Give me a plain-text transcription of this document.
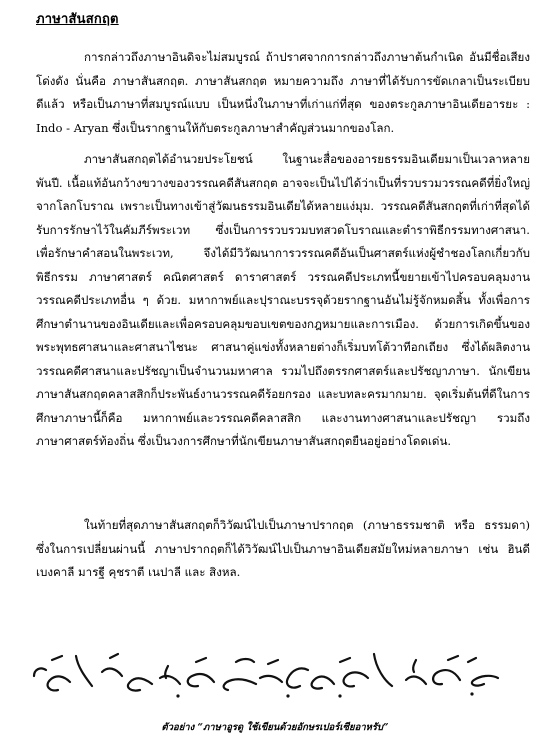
ภาษาสันสกฤต

การกล่าวถึงภาษาอินดิจะไม่สมบูรณ์ ถ้าปราศจากการกล่าวถึงภาษาต้นกำเนิด อันมีชื่อเสียงโด่งดัง นั่นคือ ภาษาสันสกฤต. ภาษาสันสกฤต หมายความถึง ภาษาที่ได้รับการขัดเกลาเป็นระเบียบดีแล้ว หรือเป็นภาษาที่สมบูรณ์แบบ เป็นหนึ่งในภาษาที่เก่าแก่ที่สุด ของตระกูลภาษาอินเดียอารยะ : Indo - Aryan ซึ่งเป็นรากฐานให้กับตระกูลภาษาสำคัญส่วนมากของโลก.

ภาษาสันสกฤตได้อำนวยประโยชน์ ในฐานะสื่อของอารยธรรมอินเดียมาเป็นเวลาหลายพันปี. เนื้อแท้อันกว้างขวางของวรรณคดีสันสกฤต อาจจะเป็นไปได้ว่าเป็นที่รวบรวมวรรณคดีที่ยิ่งใหญ่จากโลกโบราณ เพราะเป็นทางเข้าสู่วัฒนธรรมอินเดียได้หลายแง่มุม. วรรณคดีสันสกฤตที่เก่าที่สุดได้รับการรักษาไว้ในคัมภีร์พระเวท ซึ่งเป็นการรวบรวมบทสวดโบราณและตำราพิธีกรรมทางศาสนา. เพื่อรักษาคำสอนในพระเวท, จึงได้มีวิวัฒนาการวรรณคดีอันเป็นศาสตร์แห่งผู้ชำชองโลกเกี่ยวกับ พิธีกรรม ภาษาศาสตร์ คณิตศาสตร์ ดาราศาสตร์ วรรณคดีประเภทนี้ขยายเข้าไปครอบคลุมงานวรรณคดีประเภทอื่น ๆ ด้วย. มหากาพย์และปุราณะบรรจุด้วยรากฐานอันไม่รู้จักหมดสิ้น ทั้งเพื่อการศึกษาตำนานของอินเดียและเพื่อครอบคลุมขอบเขตของกฎหมายและการเมือง. ด้วยการเกิดขึ้นของพระพุทธศาสนาและศาสนาไชนะ ศาสนาคู่แข่งทั้งหลายต่างก็เริ่มบทโต้วาทีอกเถียง ซึ่งได้ผลิตงานวรรณคดีศาสนาและปรัชญาเป็นจำนวนมหาศาล รวมไปถึงตรรกศาสตร์และปรัชญาภาษา. นักเขียนภาษาสันสกฤตคลาสสิกก็ประพันธ์งานวรรณคดีร้อยกรอง และบทละครมากมาย. จุดเริ่มต้นที่ดีในการศึกษาภาษานี้ก็คือ มหากาพย์และวรรณคดีคลาสสิก และงานทางศาสนาและปรัชญา รวมถึงภาษาศาสตร์ท้องถิ่น ซึ่งเป็นวงการศึกษาที่นักเขียนภาษาสันสกฤตยืนอยู่อย่างโดดเด่น.

ในท้ายที่สุดภาษาสันสกฤตก็วิวัฒน์ไปเป็นภาษาปรากฤต (ภาษาธรรมชาติ หรือ ธรรมดา) ซึ่งในการเปลี่ยนผ่านนี้ ภาษาปรากฤตก็ได้วิวัฒน์ไปเป็นภาษาอินเดียสมัยใหม่หลายภาษา เช่น ฮินดี เบงคาลี มารฐี คุชราตี เนปาลี และ สิงหล.

ตัวอย่าง “ภาษาอูรดู ใช้เขียนด้วยอักษรเปอร์เซียอาหรับ”
